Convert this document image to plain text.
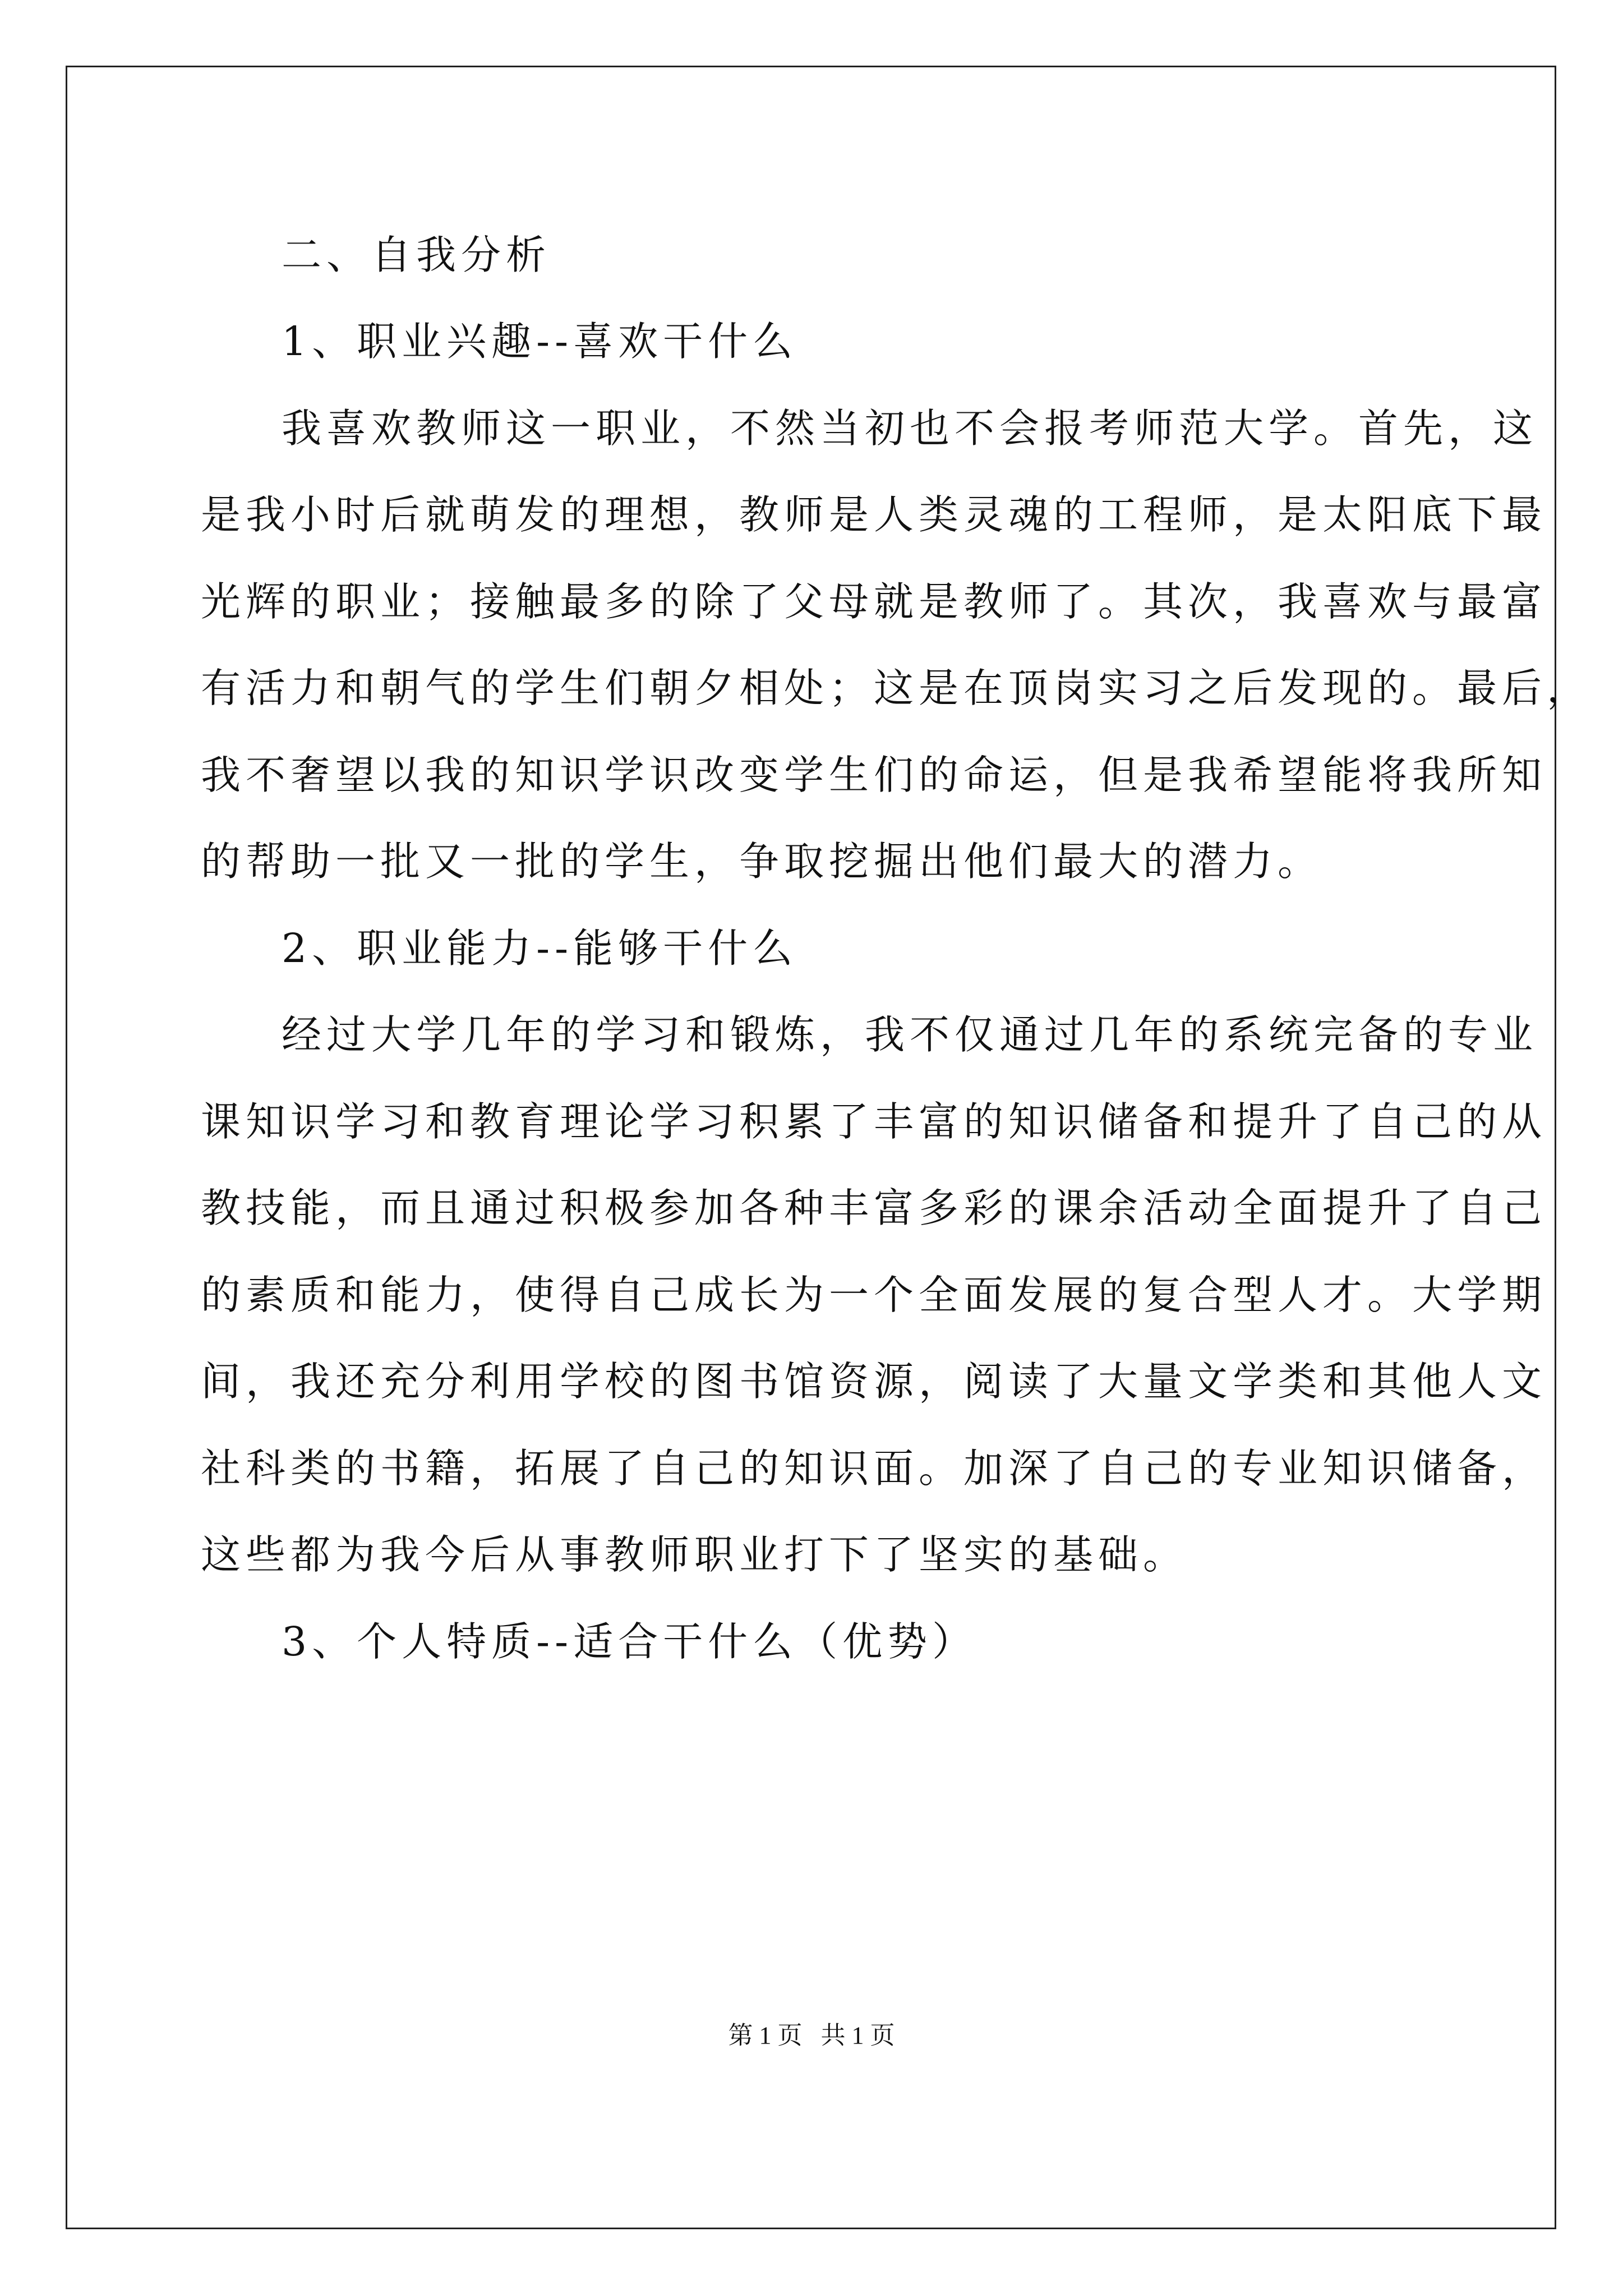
二、自我分析
1、职业兴趣--喜欢干什么
我喜欢教师这一职业，不然当初也不会报考师范大学。首先，这
是我小时后就萌发的理想，教师是人类灵魂的工程师，是太阳底下最
光辉的职业；接触最多的除了父母就是教师了。其次，我喜欢与最富
有活力和朝气的学生们朝夕相处；这是在顶岗实习之后发现的。最后，
我不奢望以我的知识学识改变学生们的命运，但是我希望能将我所知
的帮助一批又一批的学生，争取挖掘出他们最大的潜力。
2、职业能力--能够干什么
经过大学几年的学习和锻炼，我不仅通过几年的系统完备的专业
课知识学习和教育理论学习积累了丰富的知识储备和提升了自己的从
教技能，而且通过积极参加各种丰富多彩的课余活动全面提升了自己
的素质和能力，使得自己成长为一个全面发展的复合型人才。大学期
间，我还充分利用学校的图书馆资源，阅读了大量文学类和其他人文
社科类的书籍，拓展了自己的知识面。加深了自己的专业知识储备，
这些都为我今后从事教师职业打下了坚实的基础。
3、个人特质--适合干什么（优势）
第 1 页   共 1 页
